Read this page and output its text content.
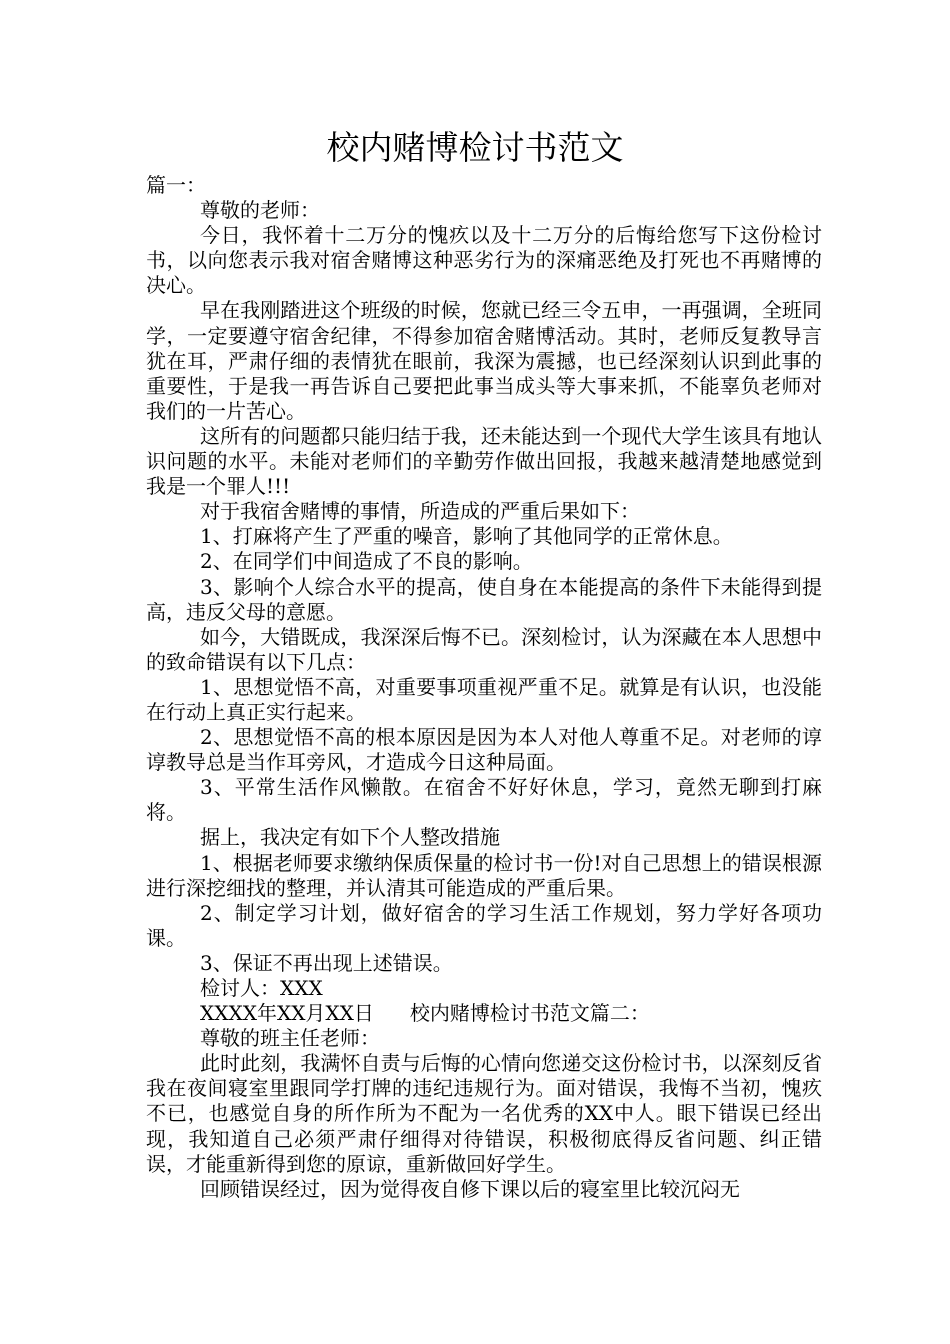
校内赌博检讨书范文

篇一：

尊敬的老师：

今日，我怀着十二万分的愧疚以及十二万分的后悔给您写下这份检讨书，以向您表示我对宿舍赌博这种恶劣行为的深痛恶绝及打死也不再赌博的决心。

早在我刚踏进这个班级的时候，您就已经三令五申，一再强调，全班同学，一定要遵守宿舍纪律，不得参加宿舍赌博活动。其时，老师反复教导言犹在耳，严肃仔细的表情犹在眼前，我深为震撼，也已经深刻认识到此事的重要性，于是我一再告诉自己要把此事当成头等大事来抓，不能辜负老师对我们的一片苦心。

这所有的问题都只能归结于我，还未能达到一个现代大学生该具有地认识问题的水平。未能对老师们的辛勤劳作做出回报，我越来越清楚地感觉到我是一个罪人!!!

对于我宿舍赌博的事情，所造成的严重后果如下：

1、打麻将产生了严重的噪音，影响了其他同学的正常休息。

2、在同学们中间造成了不良的影响。

3、影响个人综合水平的提高，使自身在本能提高的条件下未能得到提高，违反父母的意愿。

如今，大错既成，我深深后悔不已。深刻检讨，认为深藏在本人思想中的致命错误有以下几点：

1、思想觉悟不高，对重要事项重视严重不足。就算是有认识，也没能在行动上真正实行起来。

2、思想觉悟不高的根本原因是因为本人对他人尊重不足。对老师的谆谆教导总是当作耳旁风，才造成今日这种局面。

3、平常生活作风懒散。在宿舍不好好休息，学习，竟然无聊到打麻将。

据上，我决定有如下个人整改措施

1、根据老师要求缴纳保质保量的检讨书一份!对自己思想上的错误根源进行深挖细找的整理，并认清其可能造成的严重后果。

2、制定学习计划，做好宿舍的学习生活工作规划，努力学好各项功课。

3、保证不再出现上述错误。

检讨人：XXX

XXXX年XX月XX日 校内赌博检讨书范文篇二：

尊敬的班主任老师：

此时此刻，我满怀自责与后悔的心情向您递交这份检讨书，以深刻反省我在夜间寝室里跟同学打牌的违纪违规行为。面对错误，我悔不当初，愧疚不已，也感觉自身的所作所为不配为一名优秀的XX中人。眼下错误已经出现，我知道自己必须严肃仔细得对待错误，积极彻底得反省问题、纠正错误，才能重新得到您的原谅，重新做回好学生。

回顾错误经过，因为觉得夜自修下课以后的寝室里比较沉闷无
